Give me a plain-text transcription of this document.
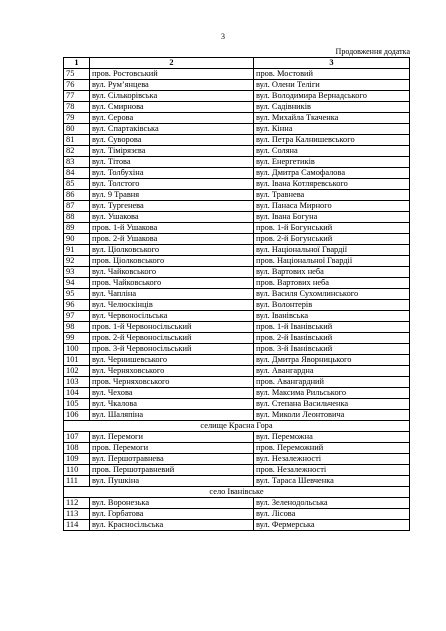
3
Продовження додатка
1	2	3
75	пров. Ростовський	пров. Мостовий
76	вул. Рум’янцева	вул. Олени Теліги
77	вул. Сількорівська	вул. Володимира Вернадського
78	вул. Смирнова	вул. Садівників
79	вул. Серова	вул. Михайла Ткаченка
80	вул. Спартаківська	вул. Кінна
81	вул. Суворова	вул. Петра Калнишевського
82	вул. Тімірязєва	вул. Соляна
83	вул. Тітова	вул. Енергетиків
84	вул. Толбухіна	вул. Дмитра Самофалова
85	вул. Толстого	вул. Івана Котляревського
86	вул. 9 Травня	вул. Травнева
87	вул. Тургенева	вул. Панаса Мирного
88	вул. Ушакова	вул. Івана Богуна
89	пров. 1-й Ушакова	пров. 1-й Богунський
90	пров. 2-й Ушакова	пров. 2-й Богунський
91	вул. Ціолковського	вул. Національної Гвардії
92	пров. Ціолковського	пров. Національної Гвардії
93	вул. Чайковського	вул. Вартових неба
94	пров. Чайковського	пров. Вартових неба
95	вул. Чапліна	вул. Василя Сухомлинського
96	вул. Челюскінців	вул. Волонтерів
97	вул. Червоносільська	вул. Іванівська
98	пров. 1-й Червоносільський	пров. 1-й Іванівський
99	пров. 2-й Червоносільський	пров. 2-й Іванівський
100	пров. 3-й Червоносільський	пров. 3-й Іванівський
101	вул. Чернишевського	вул. Дмитра Яворницького
102	вул. Черняховського	вул. Авангардна
103	пров. Черняховського	пров. Авангардний
104	вул. Чехова	вул. Максима Рильського
105	вул. Чкалова	вул. Степана Васильченка
106	вул. Шаляпіна	вул. Миколи Леонтовича
селище Красна Гора		
107	вул. Перемоги	вул. Переможна
108	пров. Перемоги	пров. Переможний
109	вул. Першотравнева	вул. Незалежності
110	пров. Першотравневий	пров. Незалежності
111	вул. Пушкіна	вул. Тараса Шевченка
село Іванівське		
112	вул. Воронезька	вул. Зеленодольська
113	вул. Горбатова	вул. Лісова
114	вул. Красносільська	вул. Фермерська
